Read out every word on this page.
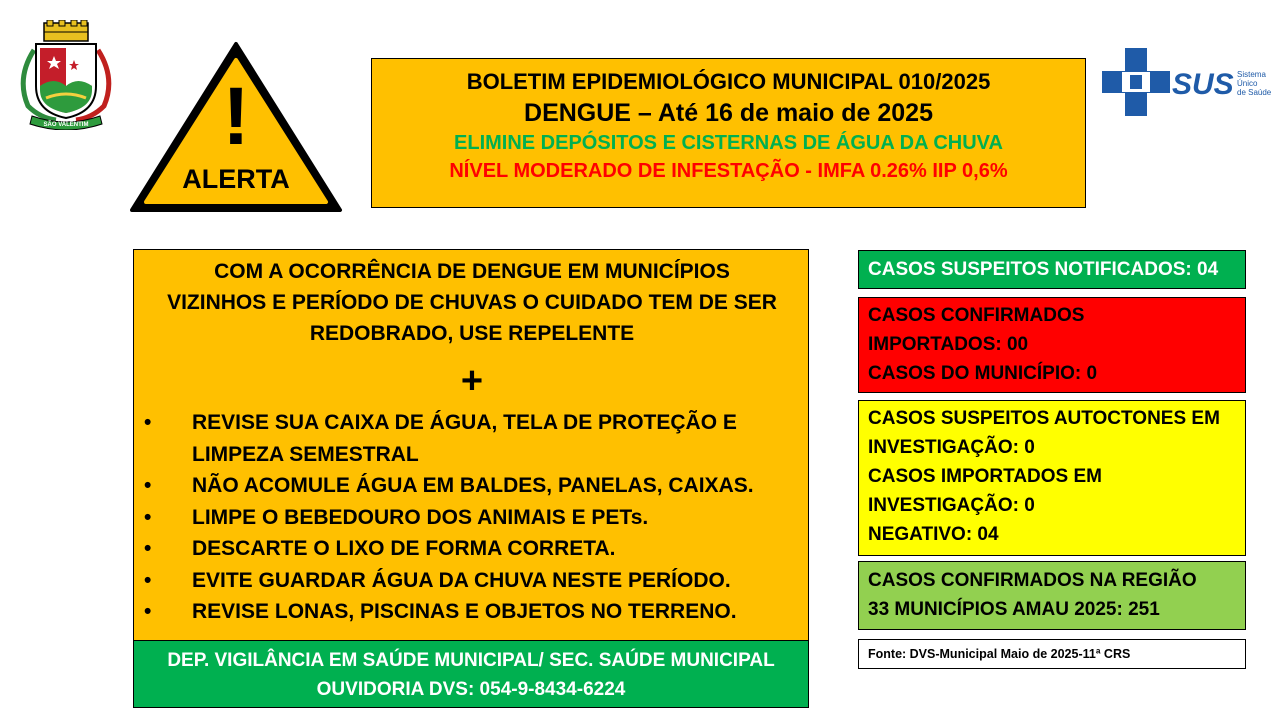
SÃO VALENTIM !
ALERTA
SUS Sistema
Único
de Saúde
BOLETIM EPIDEMIOLÓGICO MUNICIPAL 010/2025
DENGUE – Até 16 de maio de 2025
ELIMINE DEPÓSITOS E CISTERNAS DE ÁGUA DA CHUVA
NÍVEL MODERADO DE INFESTAÇÃO - IMFA 0.26% IIP 0,6%
COM A OCORRÊNCIA DE DENGUE EM MUNICÍPIOS
VIZINHOS E PERÍODO DE CHUVAS O CUIDADO TEM DE SER
REDOBRADO, USE REPELENTE
+
• REVISE SUA CAIXA DE ÁGUA, TELA DE PROTEÇÃO E
LIMPEZA SEMESTRAL
• NÃO ACOMULE ÁGUA EM BALDES, PANELAS, CAIXAS.
• LIMPE O BEBEDOURO DOS ANIMAIS E PETs.
• DESCARTE O LIXO DE FORMA CORRETA.
• EVITE GUARDAR ÁGUA DA CHUVA NESTE PERÍODO.
• REVISE LONAS, PISCINAS E OBJETOS NO TERRENO.
DEP. VIGILÂNCIA EM SAÚDE MUNICIPAL/ SEC. SAÚDE MUNICIPAL
OUVIDORIA DVS: 054-9-8434-6224
CASOS SUSPEITOS NOTIFICADOS: 04
CASOS CONFIRMADOS
IMPORTADOS: 00
CASOS DO MUNICÍPIO: 0
CASOS SUSPEITOS AUTOCTONES EM
INVESTIGAÇÃO: 0
CASOS IMPORTADOS EM
INVESTIGAÇÃO: 0
NEGATIVO: 04
CASOS CONFIRMADOS NA REGIÃO
33 MUNICÍPIOS AMAU 2025: 251
Fonte: DVS-Municipal Maio de 2025-11ª CRS
